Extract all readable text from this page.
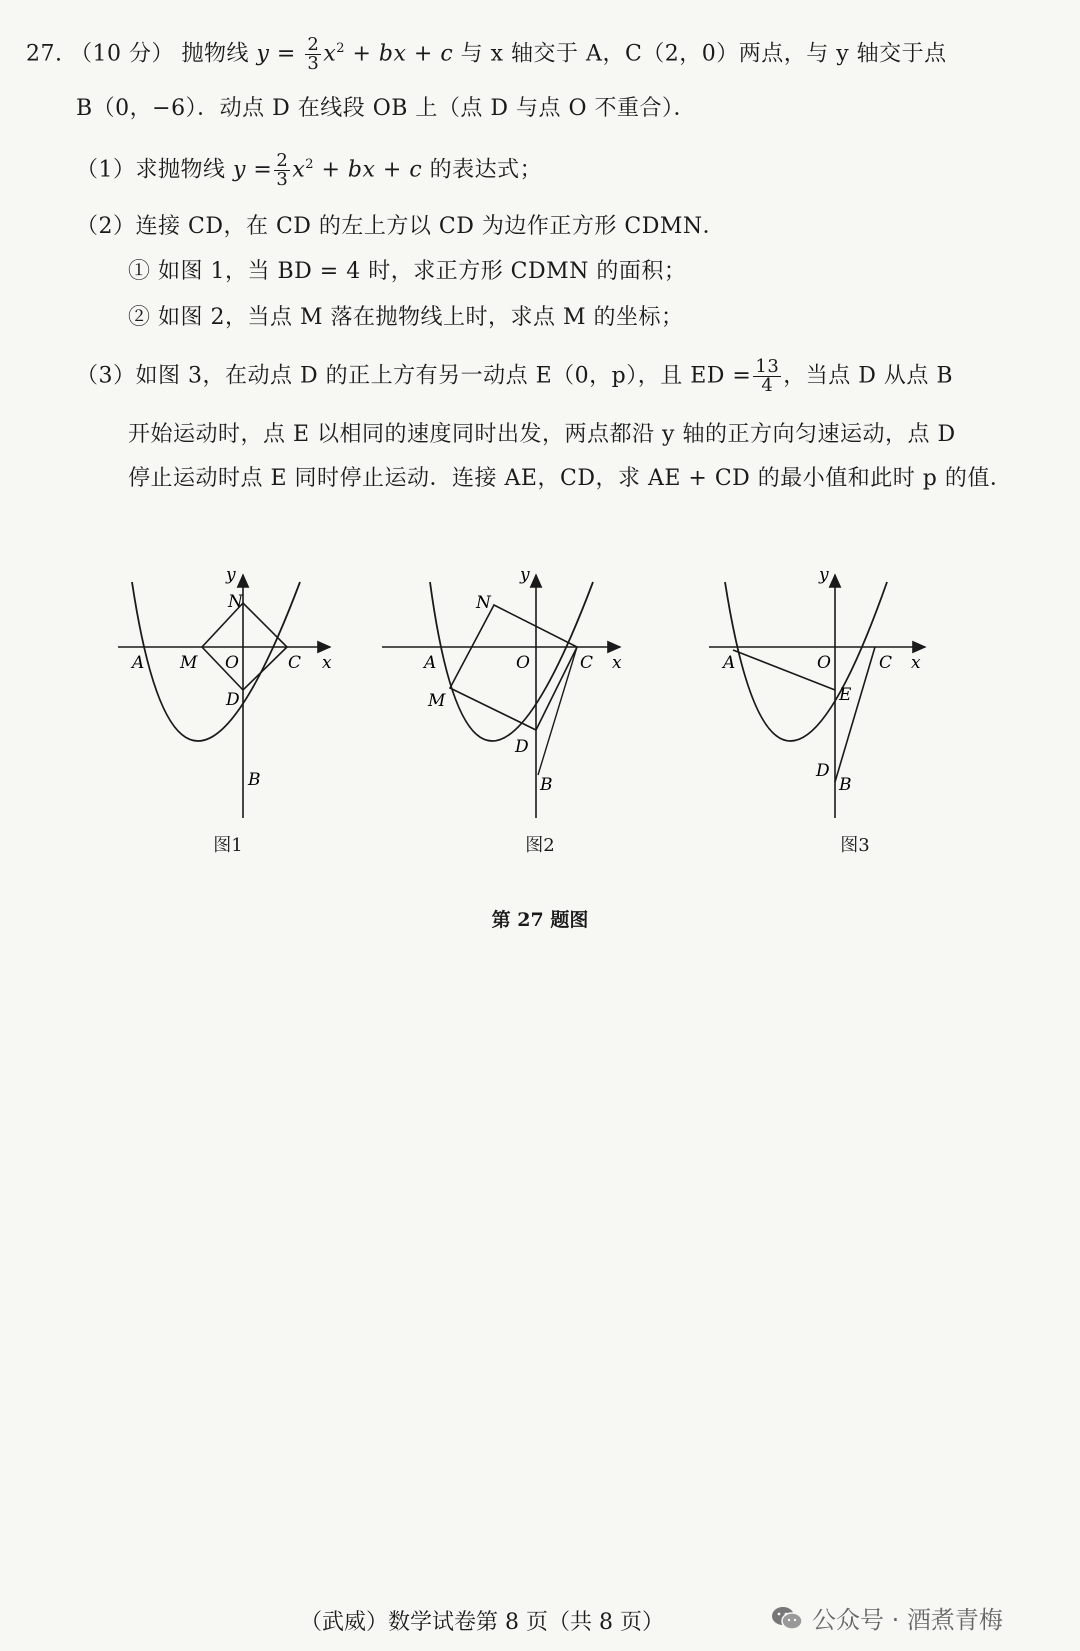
27. （10 分） 抛物线 $y = \frac{2}{3} x^2$ + bx + c 与 x 轴交于 A，C（2，0）两点，与 y 轴交于点
B（0，−6）．动点 D 在线段 OB 上（点 D 与点 O 不重合）．
（1）求抛物线 $y = \frac{2}{3} x^2$ + bx + c 的表达式；
（2）连接 CD，在 CD 的左上方以 CD 为边作正方形 CDMN．
① 如图 1，当 BD = 4 时，求正方形 CDMN 的面积；
② 如图 2，当点 M 落在抛物线上时，求点 M 的坐标；
（3）如图 3，在动点 D 的正上方有另一动点 E（0，p），且 ED = $\frac{13}{4}$ ，当点 D 从点 B
开始运动时，点 E 以相同的速度同时出发，两点都沿 y 轴的正方向匀速运动，点 D
停止运动时点 E 同时停止运动．连接 AE，CD，求 AE + CD 的最小值和此时 p 的值．
y
x
N
A M O	C
D
B
y
x
N
A	O	C
M
D
B
y
x
A	O	C
E
D
B
图1	图2	图3
第 27 题图
（武威）数学试卷第 8 页（共 8 页）	公众号 · 酒煮青梅
